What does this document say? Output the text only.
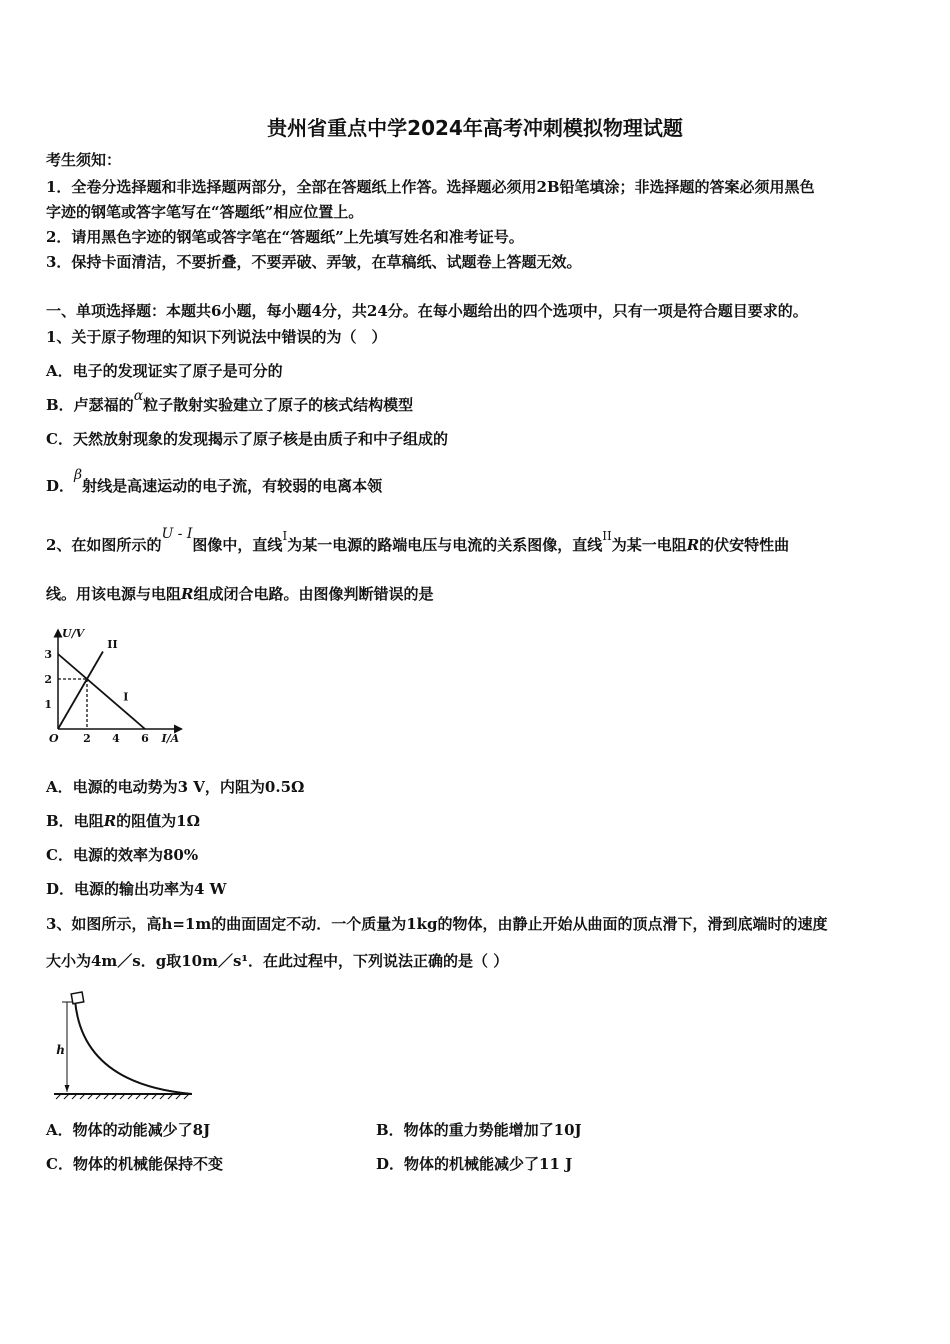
贵州省重点中学2024年高考冲刺模拟物理试题
考生须知：
1．全卷分选择题和非选择题两部分，全部在答题纸上作答。选择题必须用2B铅笔填涂；非选择题的答案必须用黑色
字迹的钢笔或答字笔写在“答题纸”相应位置上。
2．请用黑色字迹的钢笔或答字笔在“答题纸”上先填写姓名和准考证号。
3．保持卡面清洁，不要折叠，不要弄破、弄皱，在草稿纸、试题卷上答题无效。
一、单项选择题：本题共6小题，每小题4分，共24分。在每小题给出的四个选项中，只有一项是符合题目要求的。
1、关于原子物理的知识下列说法中错误的为（　）
A．电子的发现证实了原子是可分的
B．卢瑟福的α粒子散射实验建立了原子的核式结构模型
C．天然放射现象的发现揭示了原子核是由质子和中子组成的
D．β射线是高速运动的电子流，有较弱的电离本领
2、在如图所示的U - I图像中，直线$^I$为某一电源的路端电压与电流的关系图像，直线$^{II}$为某一电阻R的伏安特性曲
线。用该电源与电阻R组成闭合电路。由图像判断错误的是
2 4 6
1
2
3
O	I/A
U/V
I
II
A．电源的电动势为3 V，内阻为0.5Ω
B．电阻R的阻值为1Ω
C．电源的效率为80%
D．电源的输出功率为4 W
3、如图所示，高h=1m的曲面固定不动．一个质量为1kg的物体，由静止开始从曲面的顶点滑下，滑到底端时的速度
大小为4m／s．g取10m／s¹．在此过程中，下列说法正确的是（ ）
h
A．物体的动能减少了8J	B．物体的重力势能增加了10J
C．物体的机械能保持不变	D．物体的机械能减少了11 J
